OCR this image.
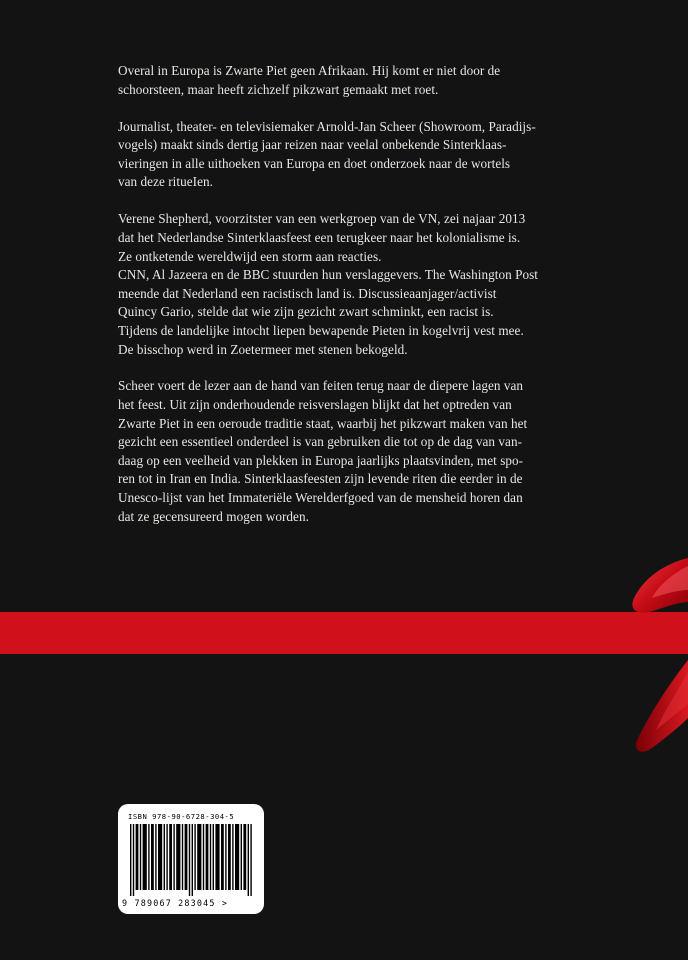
Overal in Europa is Zwarte Piet geen Afrikaan. Hij komt er niet door de
schoorsteen, maar heeft zichzelf pikzwart gemaakt met roet.

Journalist, theater- en televisiemaker Arnold-Jan Scheer (Showroom, Paradijs-
vogels) maakt sinds dertig jaar reizen naar veelal onbekende Sinterklaas-
vieringen in alle uithoeken van Europa en doet onderzoek naar de wortels
van deze ritueIen.

Verene Shepherd, voorzitster van een werkgroep van de VN, zei najaar 2013
dat het Nederlandse Sinterklaasfeest een terugkeer naar het kolonialisme is.
Ze ontketende wereldwijd een storm aan reacties.
CNN, Al Jazeera en de BBC stuurden hun verslaggevers. The Washington Post
meende dat Nederland een racistisch land is. Discussieaanjager/activist
Quincy Gario, stelde dat wie zijn gezicht zwart schminkt, een racist is.
Tijdens de landelijke intocht liepen bewapende Pieten in kogelvrij vest mee.
De bisschop werd in Zoetermeer met stenen bekogeld.

Scheer voert de lezer aan de hand van feiten terug naar de diepere lagen van
het feest. Uit zijn onderhoudende reisverslagen blijkt dat het optreden van
Zwarte Piet in een oeroude traditie staat, waarbij het pikzwart maken van het
gezicht een essentieel onderdeel is van gebruiken die tot op de dag van van-
daag op een veelheid van plekken in Europa jaarlijks plaatsvinden, met spo-
ren tot in Iran en India. Sinterklaasfeesten zijn levende riten die eerder in de
Unesco-lijst van het Immateriële Werelderfgoed van de mensheid horen dan
dat ze gecensureerd mogen worden.

ISBN 978-90-6728-304-5
9 789067 283045 >
